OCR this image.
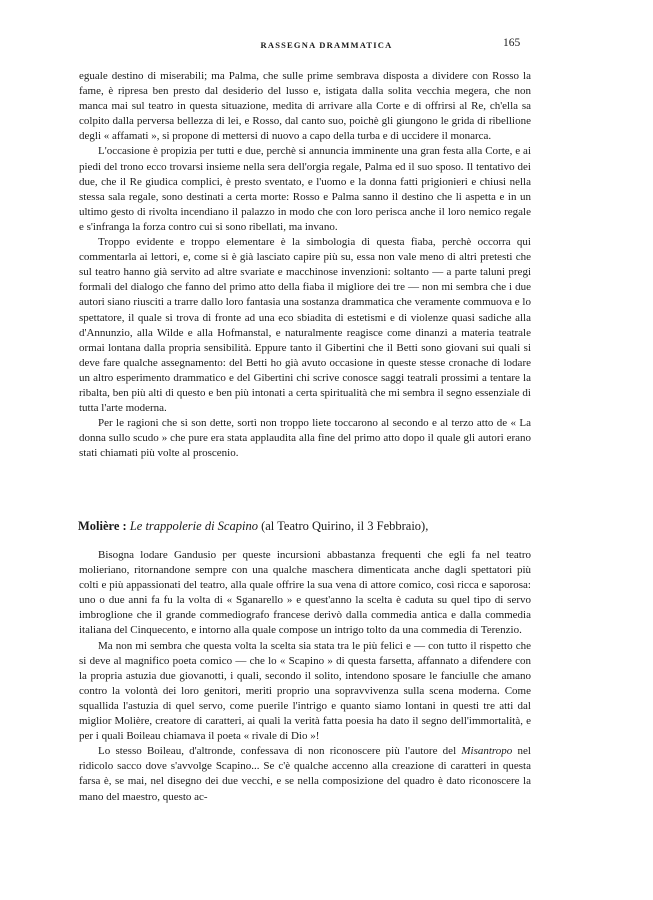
RASSEGNA DRAMMATICA	165

eguale destino di miserabili; ma Palma, che sulle prime sembrava disposta a dividere con Rosso la fame, è ripresa ben presto dal desiderio del lusso e, istigata dalla solita vecchia megera, che non manca mai sul teatro in questa situazione, medita di arrivare alla Corte e di offrirsi al Re, ch'ella sa colpito dalla perversa bellezza di lei, e Rosso, dal canto suo, poichè gli giungono le grida di ribellione degli « affamati », si propone di mettersi di nuovo a capo della turba e di uccidere il monarca.

L'occasione è propizia per tutti e due, perchè si annuncia imminente una gran festa alla Corte, e ai piedi del trono ecco trovarsi insieme nella sera dell'orgia regale, Palma ed il suo sposo. Il tentativo dei due, che il Re giudica complici, è presto sventato, e l'uomo e la donna fatti prigionieri e chiusi nella stessa sala regale, sono destinati a certa morte: Rosso e Palma sanno il destino che li aspetta e in un ultimo gesto di rivolta incendiano il palazzo in modo che con loro perisca anche il loro nemico regale e s'infranga la forza contro cui si sono ribellati, ma invano.

Troppo evidente e troppo elementare è la simbologia di questa fiaba, perchè occorra qui commentarla ai lettori, e, come si è già lasciato capire più su, essa non vale meno di altri pretesti che sul teatro hanno già servito ad altre svariate e macchinose invenzioni: soltanto — a parte taluni pregi formali del dialogo che fanno del primo atto della fiaba il migliore dei tre — non mi sembra che i due autori siano riusciti a trarre dallo loro fantasia una sostanza drammatica che veramente commuova e lo spettatore, il quale si trova di fronte ad una eco sbiadita di estetismi e di violenze quasi sadiche alla d'Annunzio, alla Wilde e alla Hofmanstal, e naturalmente reagisce come dinanzi a materia teatrale ormai lontana dalla propria sensibilità. Eppure tanto il Gibertini che il Betti sono giovani sui quali si deve fare qualche assegnamento: del Betti ho già avuto occasione in queste stesse cronache di lodare un altro esperimento drammatico e del Gibertini chi scrive conosce saggi teatrali prossimi a tentare la ribalta, ben più alti di questo e ben più intonati a certa spiritualità che mi sembra il segno essenziale di tutta l'arte moderna.

Per le ragioni che si son dette, sortì non troppo liete toccarono al secondo e al terzo atto de « La donna sullo scudo » che pure era stata applaudita alla fine del primo atto dopo il quale gli autori erano stati chiamati più volte al proscenio.

Molière : Le trappolerie di Scapino (al Teatro Quirino, il 3 Febbraio),

Bisogna lodare Gandusio per queste incursioni abbastanza frequenti che egli fa nel teatro molieriano, ritornandone sempre con una qualche maschera dimenticata anche dagli spettatori più colti e più appassionati del teatro, alla quale offrire la sua vena di attore comico, così ricca e saporosa: uno o due anni fa fu la volta di « Sganarello » e quest'anno la scelta è caduta su quel tipo di servo imbroglione che il grande commediografo francese derivò dalla commedia antica e dalla commedia italiana del Cinquecento, e intorno alla quale compose un intrigo tolto da una commedia di Terenzio.

Ma non mi sembra che questa volta la scelta sia stata tra le più felici e — con tutto il rispetto che si deve al magnifico poeta comico — che lo « Scapino » di questa farsetta, affannato a difendere con la propria astuzia due giovanotti, i quali, secondo il solito, intendono sposare le fanciulle che amano contro la volontà dei loro genitori, meriti proprio una sopravvivenza sulla scena moderna. Come squallida l'astuzia di quel servo, come puerile l'intrigo e quanto siamo lontani in questi tre atti dal miglior Molière, creatore di caratteri, ai quali la verità fatta poesia ha dato il segno dell'immortalità, e per i quali Boileau chiamava il poeta « rivale di Dio »!

Lo stesso Boileau, d'altronde, confessava di non riconoscere più l'autore del Misantropo nel ridicolo sacco dove s'avvolge Scapino... Se c'è qualche accenno alla creazione di caratteri in questa farsa è, se mai, nel disegno dei due vecchi, e se nella composizione del quadro è dato riconoscere la mano del maestro, questo ac-
